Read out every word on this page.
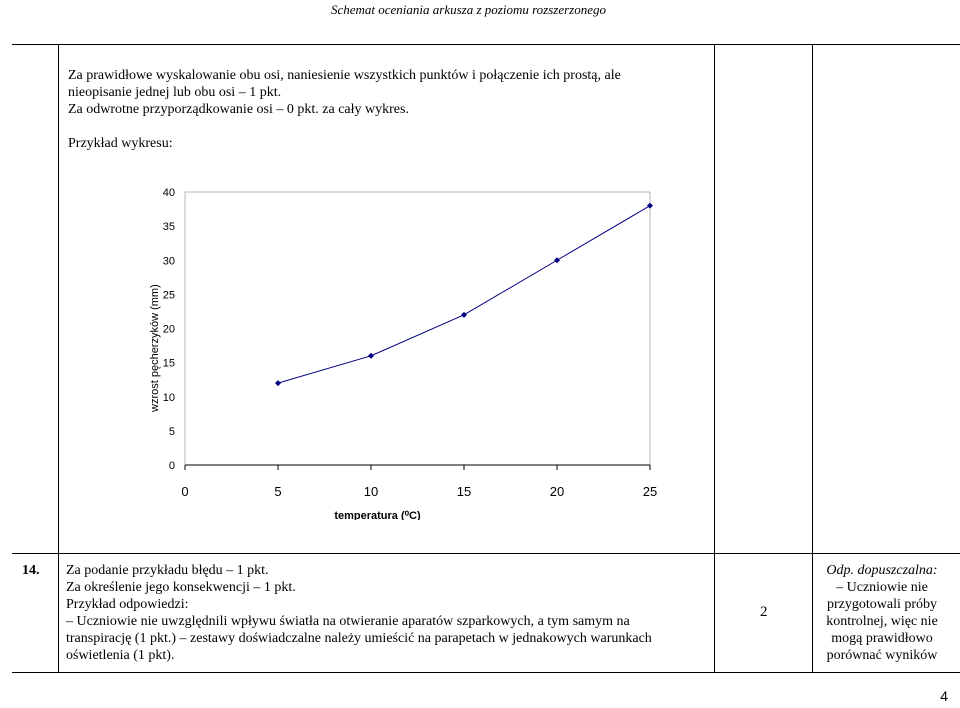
Schemat oceniania arkusza z poziomu rozszerzonego
Za prawidłowe wyskalowanie obu osi, naniesienie wszystkich punktów i połączenie ich prostą, ale
nieopisanie jednej lub obu osi – 1 pkt.
Za odwrotne przyporządkowanie osi – 0 pkt. za cały wykres.
Przykład wykresu:
0	5	10	15	20	25
0
5
10
15
20
25
30
35
40
temperatura (⁰C)
wzrost pęcherzyków (mm)
14. Za podanie przykładu błędu – 1 pkt.
Za określenie jego konsekwencji – 1 pkt.
Przykład odpowiedzi:
– Uczniowie nie uwzględnili wpływu światła na otwieranie aparatów szparkowych, a tym samym na
transpirację (1 pkt.) – zestawy doświadczalne należy umieścić na parapetach w jednakowych warunkach
oświetlenia (1 pkt).
2
Odp. dopuszczalna:
– Uczniowie nie
przygotowali próby
kontrolnej, więc nie
mogą prawidłowo
porównać wyników
4
